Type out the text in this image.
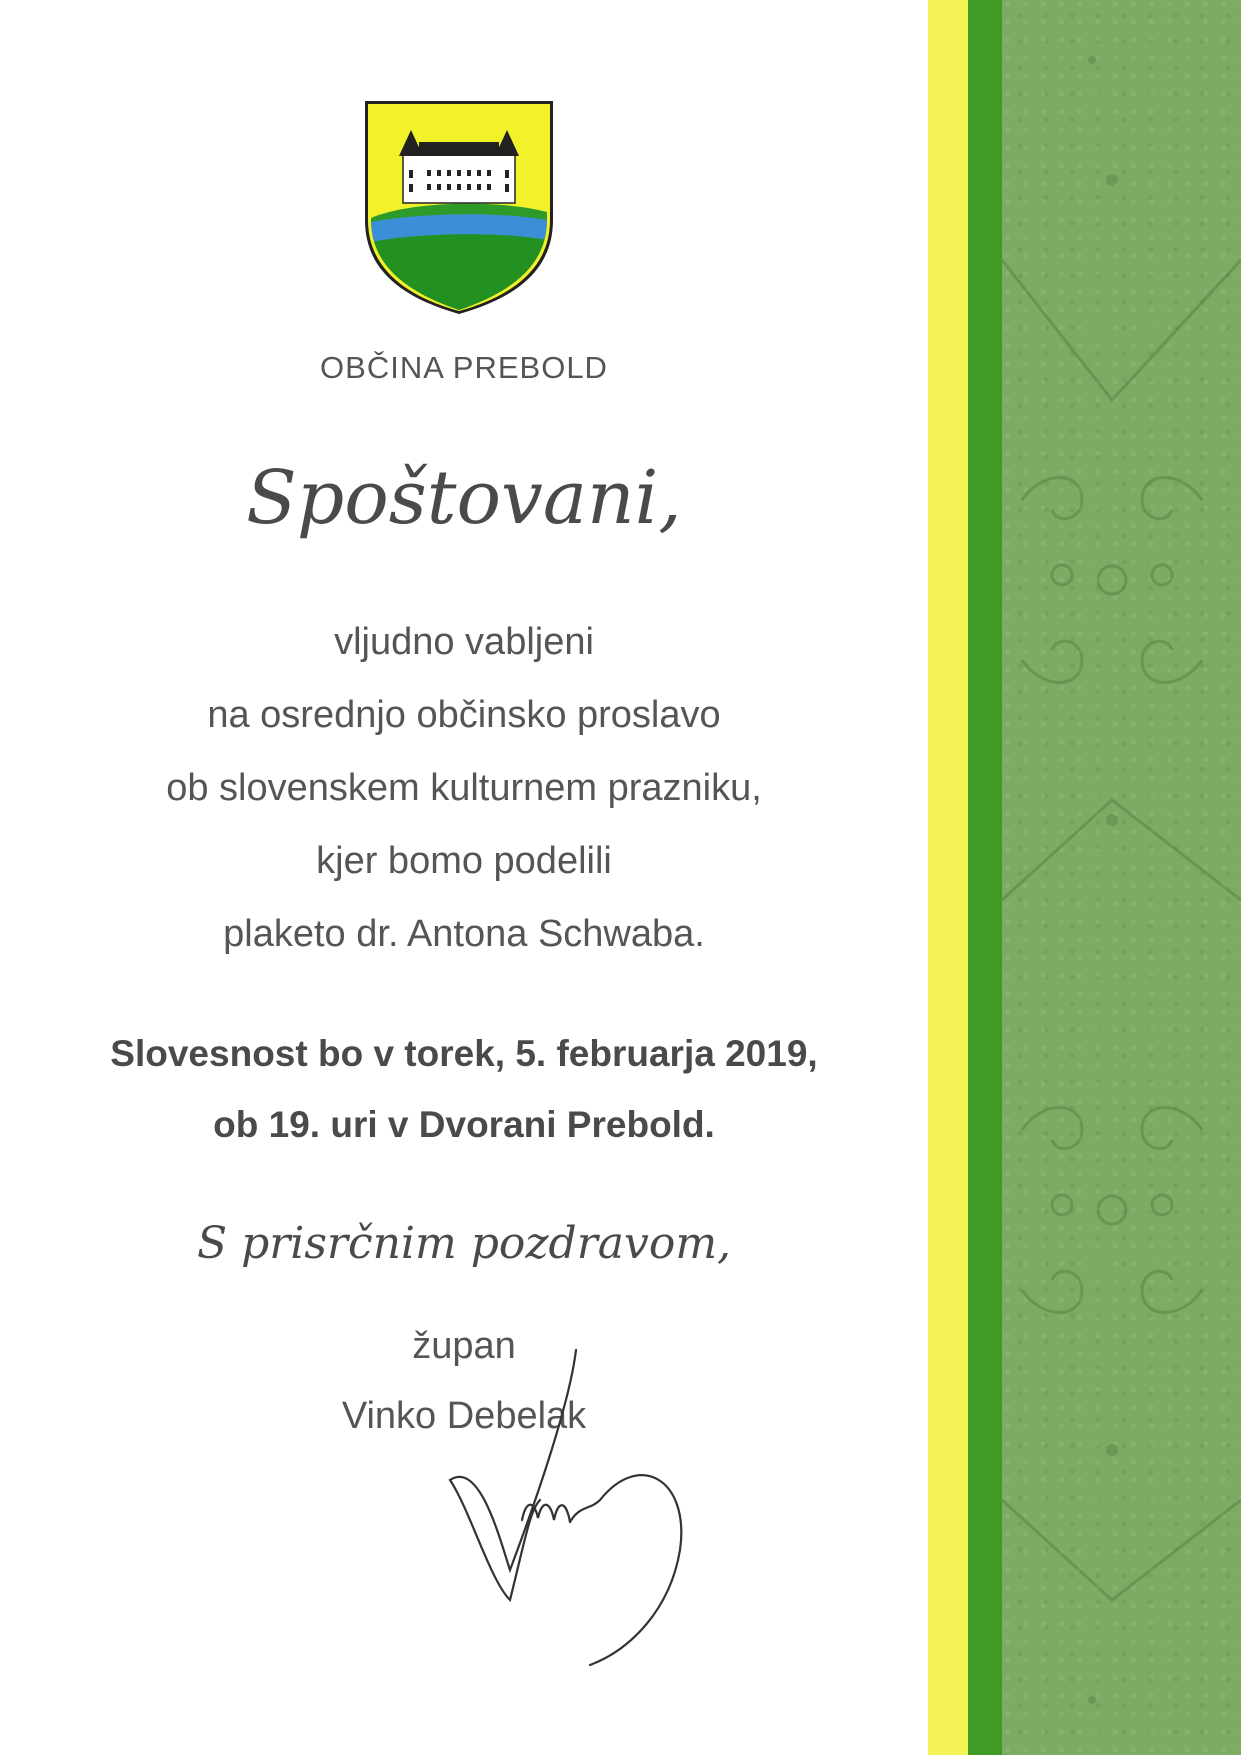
OBČINA PREBOLD
Spoštovani,
vljudno vabljeni
na osrednjo občinsko proslavo
ob slovenskem kulturnem prazniku,
kjer bomo podelili
plaketo dr. Antona Schwaba.
Slovesnost bo v torek, 5. februarja 2019,
ob 19. uri v Dvorani Prebold.
S prisrčnim pozdravom,
župan
Vinko Debelak
